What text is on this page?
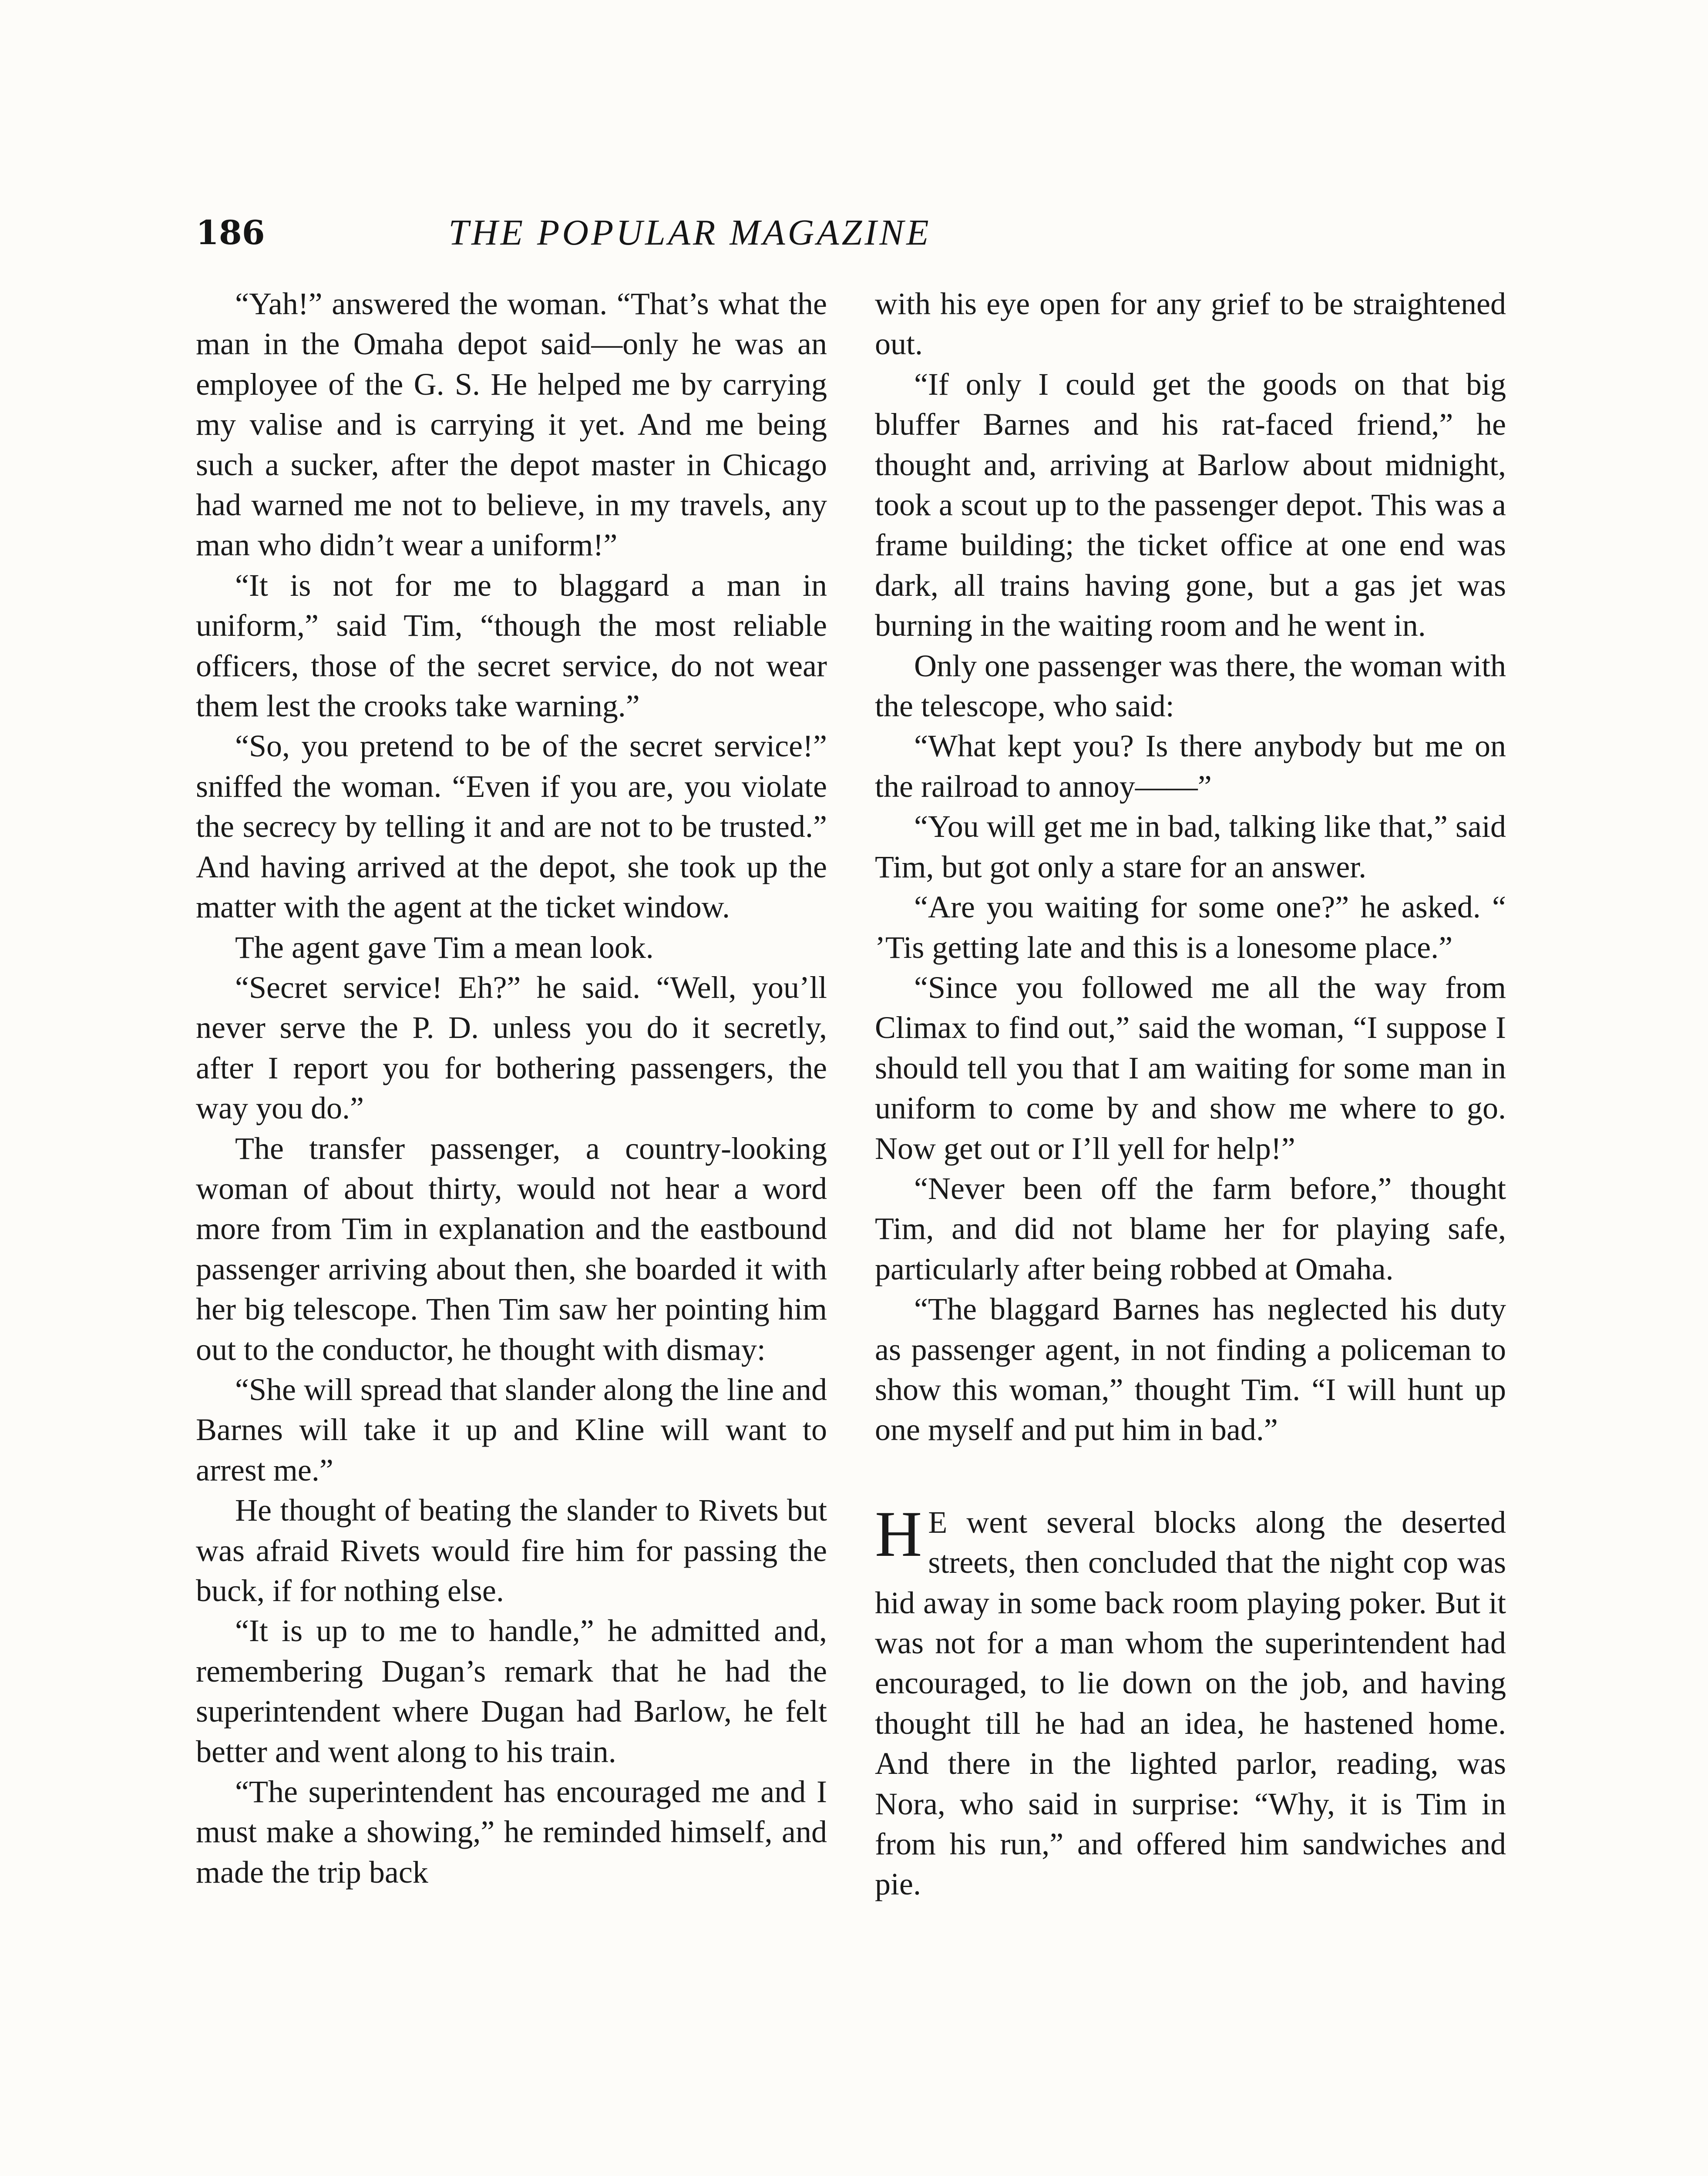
186	THE POPULAR MAGAZINE

“Yah!” answered the woman. “That’s what the man in the Omaha depot said—only he was an employee of the G. S. He helped me by carrying my valise and is carrying it yet. And me being such a sucker, after the depot master in Chicago had warned me not to believe, in my travels, any man who didn’t wear a uniform!”

“It is not for me to blaggard a man in uniform,” said Tim, “though the most reliable officers, those of the secret service, do not wear them lest the crooks take warning.”

“So, you pretend to be of the secret service!” sniffed the woman. “Even if you are, you violate the secrecy by telling it and are not to be trusted.” And having arrived at the depot, she took up the matter with the agent at the ticket window.

The agent gave Tim a mean look.

“Secret service! Eh?” he said. “Well, you’ll never serve the P. D. unless you do it secretly, after I report you for bothering passengers, the way you do.”

The transfer passenger, a country-looking woman of about thirty, would not hear a word more from Tim in explanation and the eastbound passenger arriving about then, she boarded it with her big telescope. Then Tim saw her pointing him out to the conductor, he thought with dismay:

“She will spread that slander along the line and Barnes will take it up and Kline will want to arrest me.”

He thought of beating the slander to Rivets but was afraid Rivets would fire him for passing the buck, if for nothing else.

“It is up to me to handle,” he admitted and, remembering Dugan’s remark that he had the superintendent where Dugan had Barlow, he felt better and went along to his train.

“The superintendent has encouraged me and I must make a showing,” he reminded himself, and made the trip back

with his eye open for any grief to be straightened out.

“If only I could get the goods on that big bluffer Barnes and his rat-faced friend,” he thought and, arriving at Barlow about midnight, took a scout up to the passenger depot. This was a frame building; the ticket office at one end was dark, all trains having gone, but a gas jet was burning in the waiting room and he went in.

Only one passenger was there, the woman with the telescope, who said:

“What kept you? Is there anybody but me on the railroad to annoy——”

“You will get me in bad, talking like that,” said Tim, but got only a stare for an answer.

“Are you waiting for some one?” he asked. “ ’Tis getting late and this is a lonesome place.”

“Since you followed me all the way from Climax to find out,” said the woman, “I suppose I should tell you that I am waiting for some man in uniform to come by and show me where to go. Now get out or I’ll yell for help!”

“Never been off the farm before,” thought Tim, and did not blame her for playing safe, particularly after being robbed at Omaha.

“The blaggard Barnes has neglected his duty as passenger agent, in not finding a policeman to show this woman,” thought Tim. “I will hunt up one myself and put him in bad.”

H E went several blocks along the deserted streets, then concluded that the night cop was hid away in some back room playing poker. But it was not for a man whom the superintendent had encouraged, to lie down on the job, and having thought till he had an idea, he hastened home. And there in the lighted parlor, reading, was Nora, who said in surprise: “Why, it is Tim in from his run,” and offered him sandwiches and pie.
